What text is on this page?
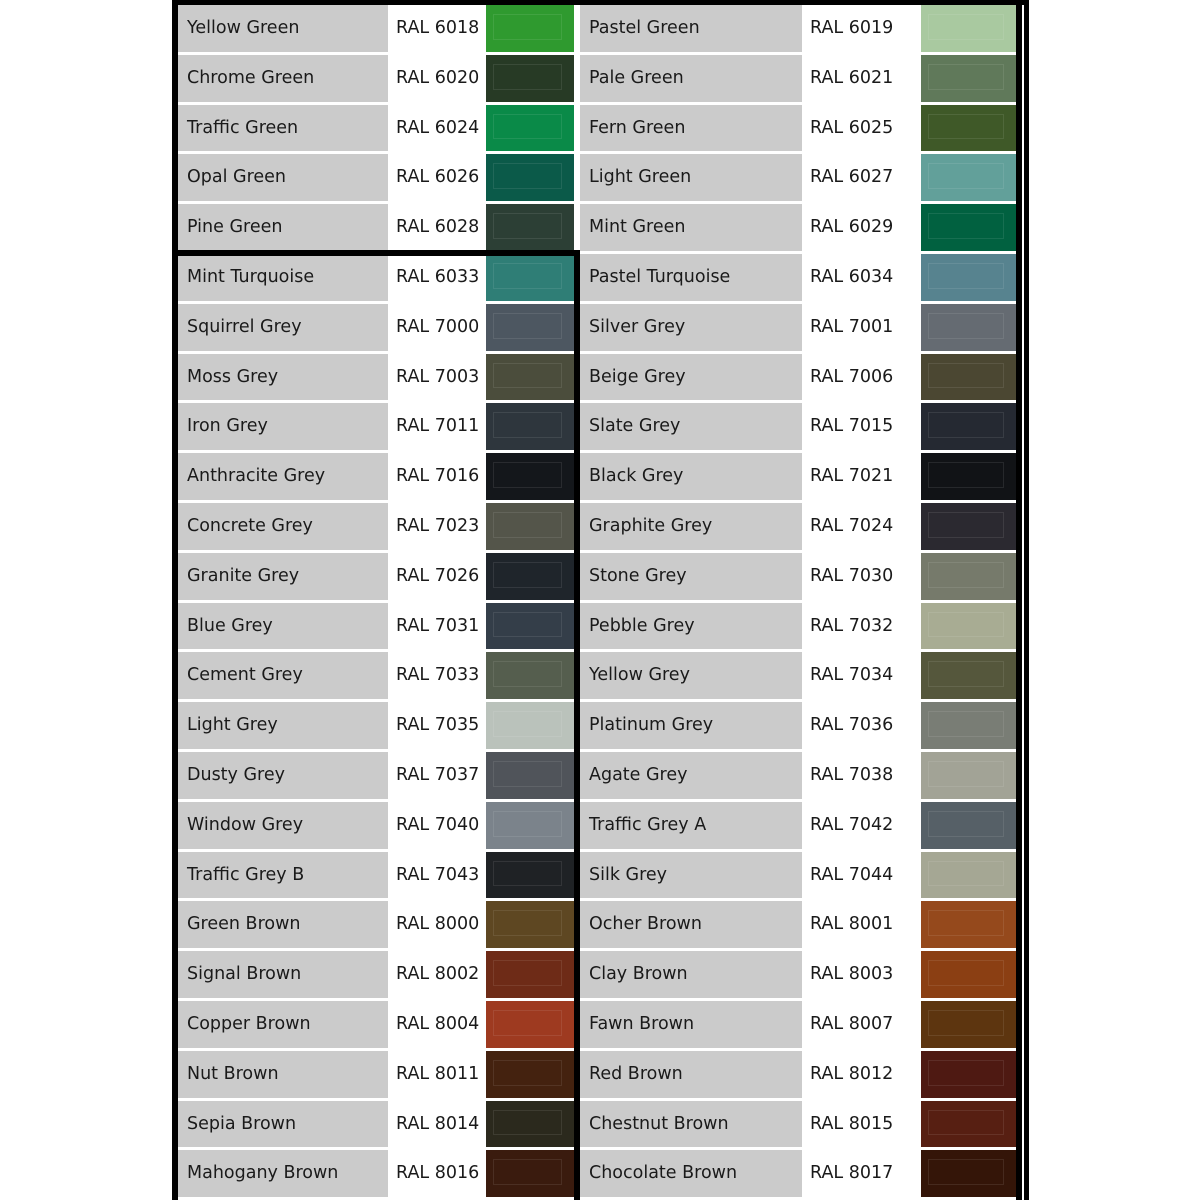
Yellow Green	RAL 6018	Pastel Green	RAL 6019
Chrome Green	RAL 6020	Pale Green	RAL 6021
Traffic Green	RAL 6024	Fern Green	RAL 6025
Opal Green	RAL 6026	Light Green	RAL 6027
Pine Green	RAL 6028	Mint Green	RAL 6029
Mint Turquoise	RAL 6033	Pastel Turquoise	RAL 6034
Squirrel Grey	RAL 7000	Silver Grey	RAL 7001
Moss Grey	RAL 7003	Beige Grey	RAL 7006
Iron Grey	RAL 7011	Slate Grey	RAL 7015
Anthracite Grey	RAL 7016	Black Grey	RAL 7021
Concrete Grey	RAL 7023	Graphite Grey	RAL 7024
Granite Grey	RAL 7026	Stone Grey	RAL 7030
Blue Grey	RAL 7031	Pebble Grey	RAL 7032
Cement Grey	RAL 7033	Yellow Grey	RAL 7034
Light Grey	RAL 7035	Platinum Grey	RAL 7036
Dusty Grey	RAL 7037	Agate Grey	RAL 7038
Window Grey	RAL 7040	Traffic Grey A	RAL 7042
Traffic Grey B	RAL 7043	Silk Grey	RAL 7044
Green Brown	RAL 8000	Ocher Brown	RAL 8001
Signal Brown	RAL 8002	Clay Brown	RAL 8003
Copper Brown	RAL 8004	Fawn Brown	RAL 8007
Nut Brown	RAL 8011	Red Brown	RAL 8012
Sepia Brown	RAL 8014	Chestnut Brown	RAL 8015
Mahogany Brown	RAL 8016	Chocolate Brown	RAL 8017
